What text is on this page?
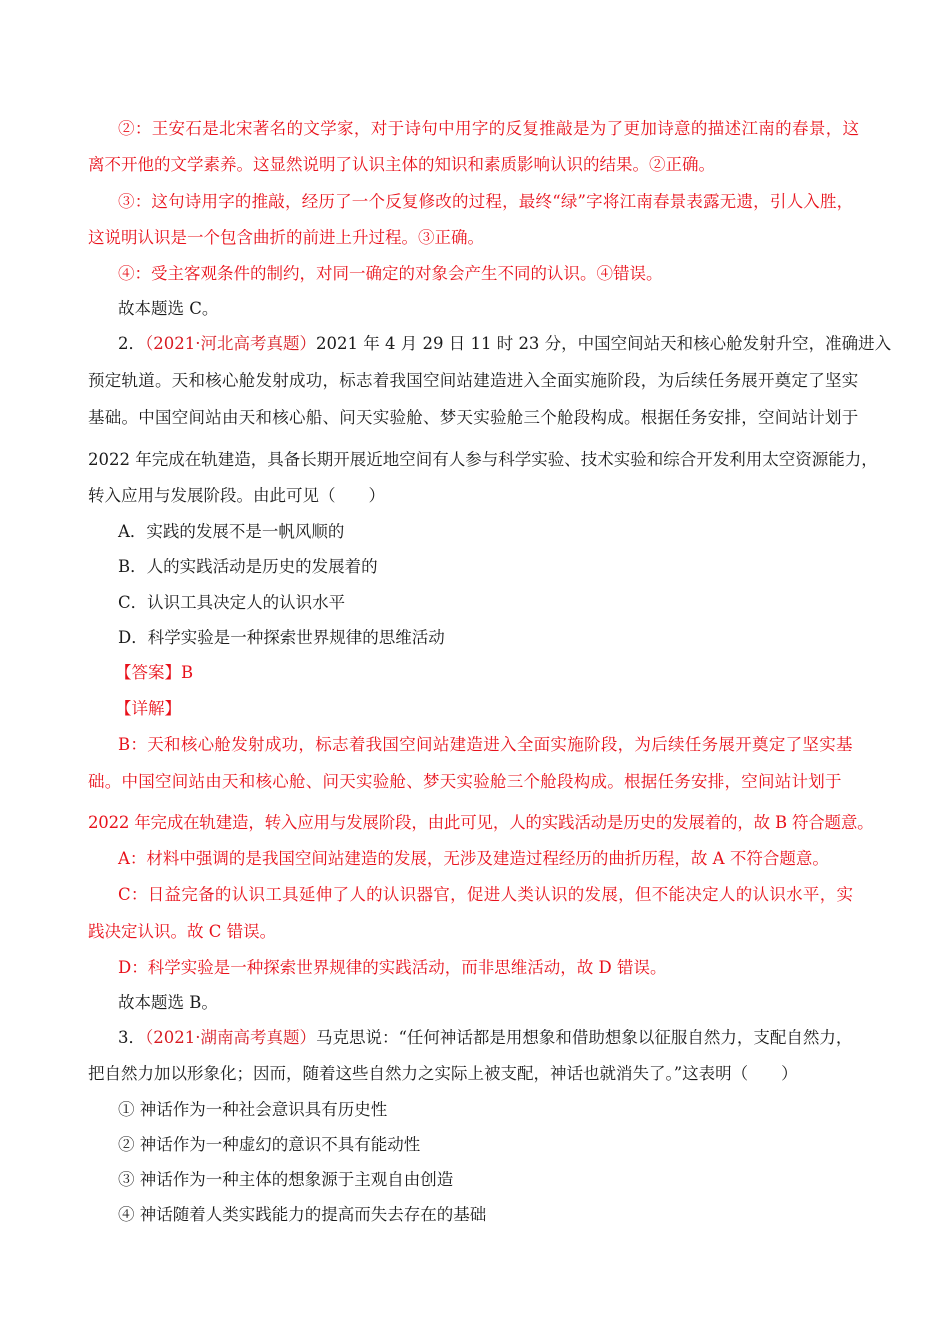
②：王安石是北宋著名的文学家，对于诗句中用字的反复推敲是为了更加诗意的描述江南的春景，这
离不开他的文学素养。这显然说明了认识主体的知识和素质影响认识的结果。②正确。
③：这句诗用字的推敲，经历了一个反复修改的过程，最终“绿”字将江南春景表露无遗，引人入胜，
这说明认识是一个包含曲折的前进上升过程。③正确。
④：受主客观条件的制约，对同一确定的对象会产生不同的认识。④错误。
故本题选 C。
2．（2021·河北高考真题）2021 年 4 月 29 日 11 时 23 分，中国空间站天和核心舱发射升空，准确进入
预定轨道。天和核心舱发射成功，标志着我国空间站建造进入全面实施阶段，为后续任务展开奠定了坚实
基础。中国空间站由天和核心船、问天实验舱、梦天实验舱三个舱段构成。根据任务安排，空间站计划于
2022 年完成在轨建造，具备长期开展近地空间有人参与科学实验、技术实验和综合开发利用太空资源能力，
转入应用与发展阶段。由此可见（　　）
A．实践的发展不是一帆风顺的
B．人的实践活动是历史的发展着的
C．认识工具决定人的认识水平
D．科学实验是一种探索世界规律的思维活动
【答案】B
【详解】
B：天和核心舱发射成功，标志着我国空间站建造进入全面实施阶段，为后续任务展开奠定了坚实基
础。中国空间站由天和核心舱、问天实验舱、梦天实验舱三个舱段构成。根据任务安排，空间站计划于
2022 年完成在轨建造，转入应用与发展阶段，由此可见，人的实践活动是历史的发展着的，故 B 符合题意。
A：材料中强调的是我国空间站建造的发展，无涉及建造过程经历的曲折历程，故 A 不符合题意。
C：日益完备的认识工具延伸了人的认识器官，促进人类认识的发展，但不能决定人的认识水平，实
践决定认识。故 C 错误。
D：科学实验是一种探索世界规律的实践活动，而非思维活动，故 D 错误。
故本题选 B。
3．（2021·湖南高考真题）马克思说：“任何神话都是用想象和借助想象以征服自然力，支配自然力，
把自然力加以形象化；因而，随着这些自然力之实际上被支配，神话也就消失了。”这表明（　　）
① 神话作为一种社会意识具有历史性
② 神话作为一种虚幻的意识不具有能动性
③ 神话作为一种主体的想象源于主观自由创造
④ 神话随着人类实践能力的提高而失去存在的基础
